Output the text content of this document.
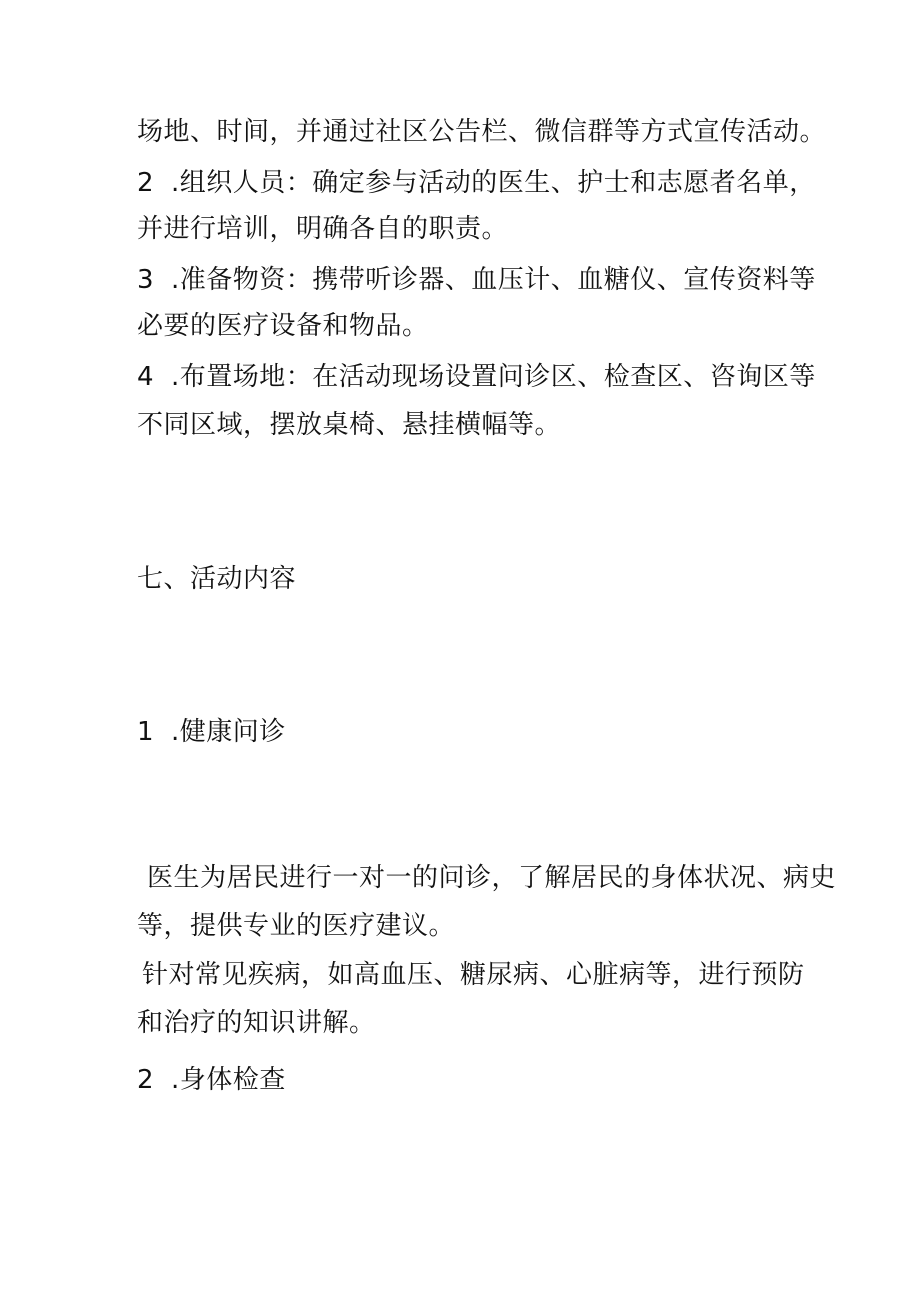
场地、时间，并通过社区公告栏、微信群等方式宣传活动。
2 .组织人员：确定参与活动的医生、护士和志愿者名单，
并进行培训，明确各自的职责。
3 .准备物资：携带听诊器、血压计、血糖仪、宣传资料等
必要的医疗设备和物品。
4 .布置场地：在活动现场设置问诊区、检查区、咨询区等
不同区域，摆放桌椅、悬挂横幅等。
七、活动内容
1 .健康问诊
医生为居民进行一对一的问诊，了解居民的身体状况、病史
等，提供专业的医疗建议。
针对常见疾病，如高血压、糖尿病、心脏病等，进行预防
和治疗的知识讲解。
2 .身体检查
